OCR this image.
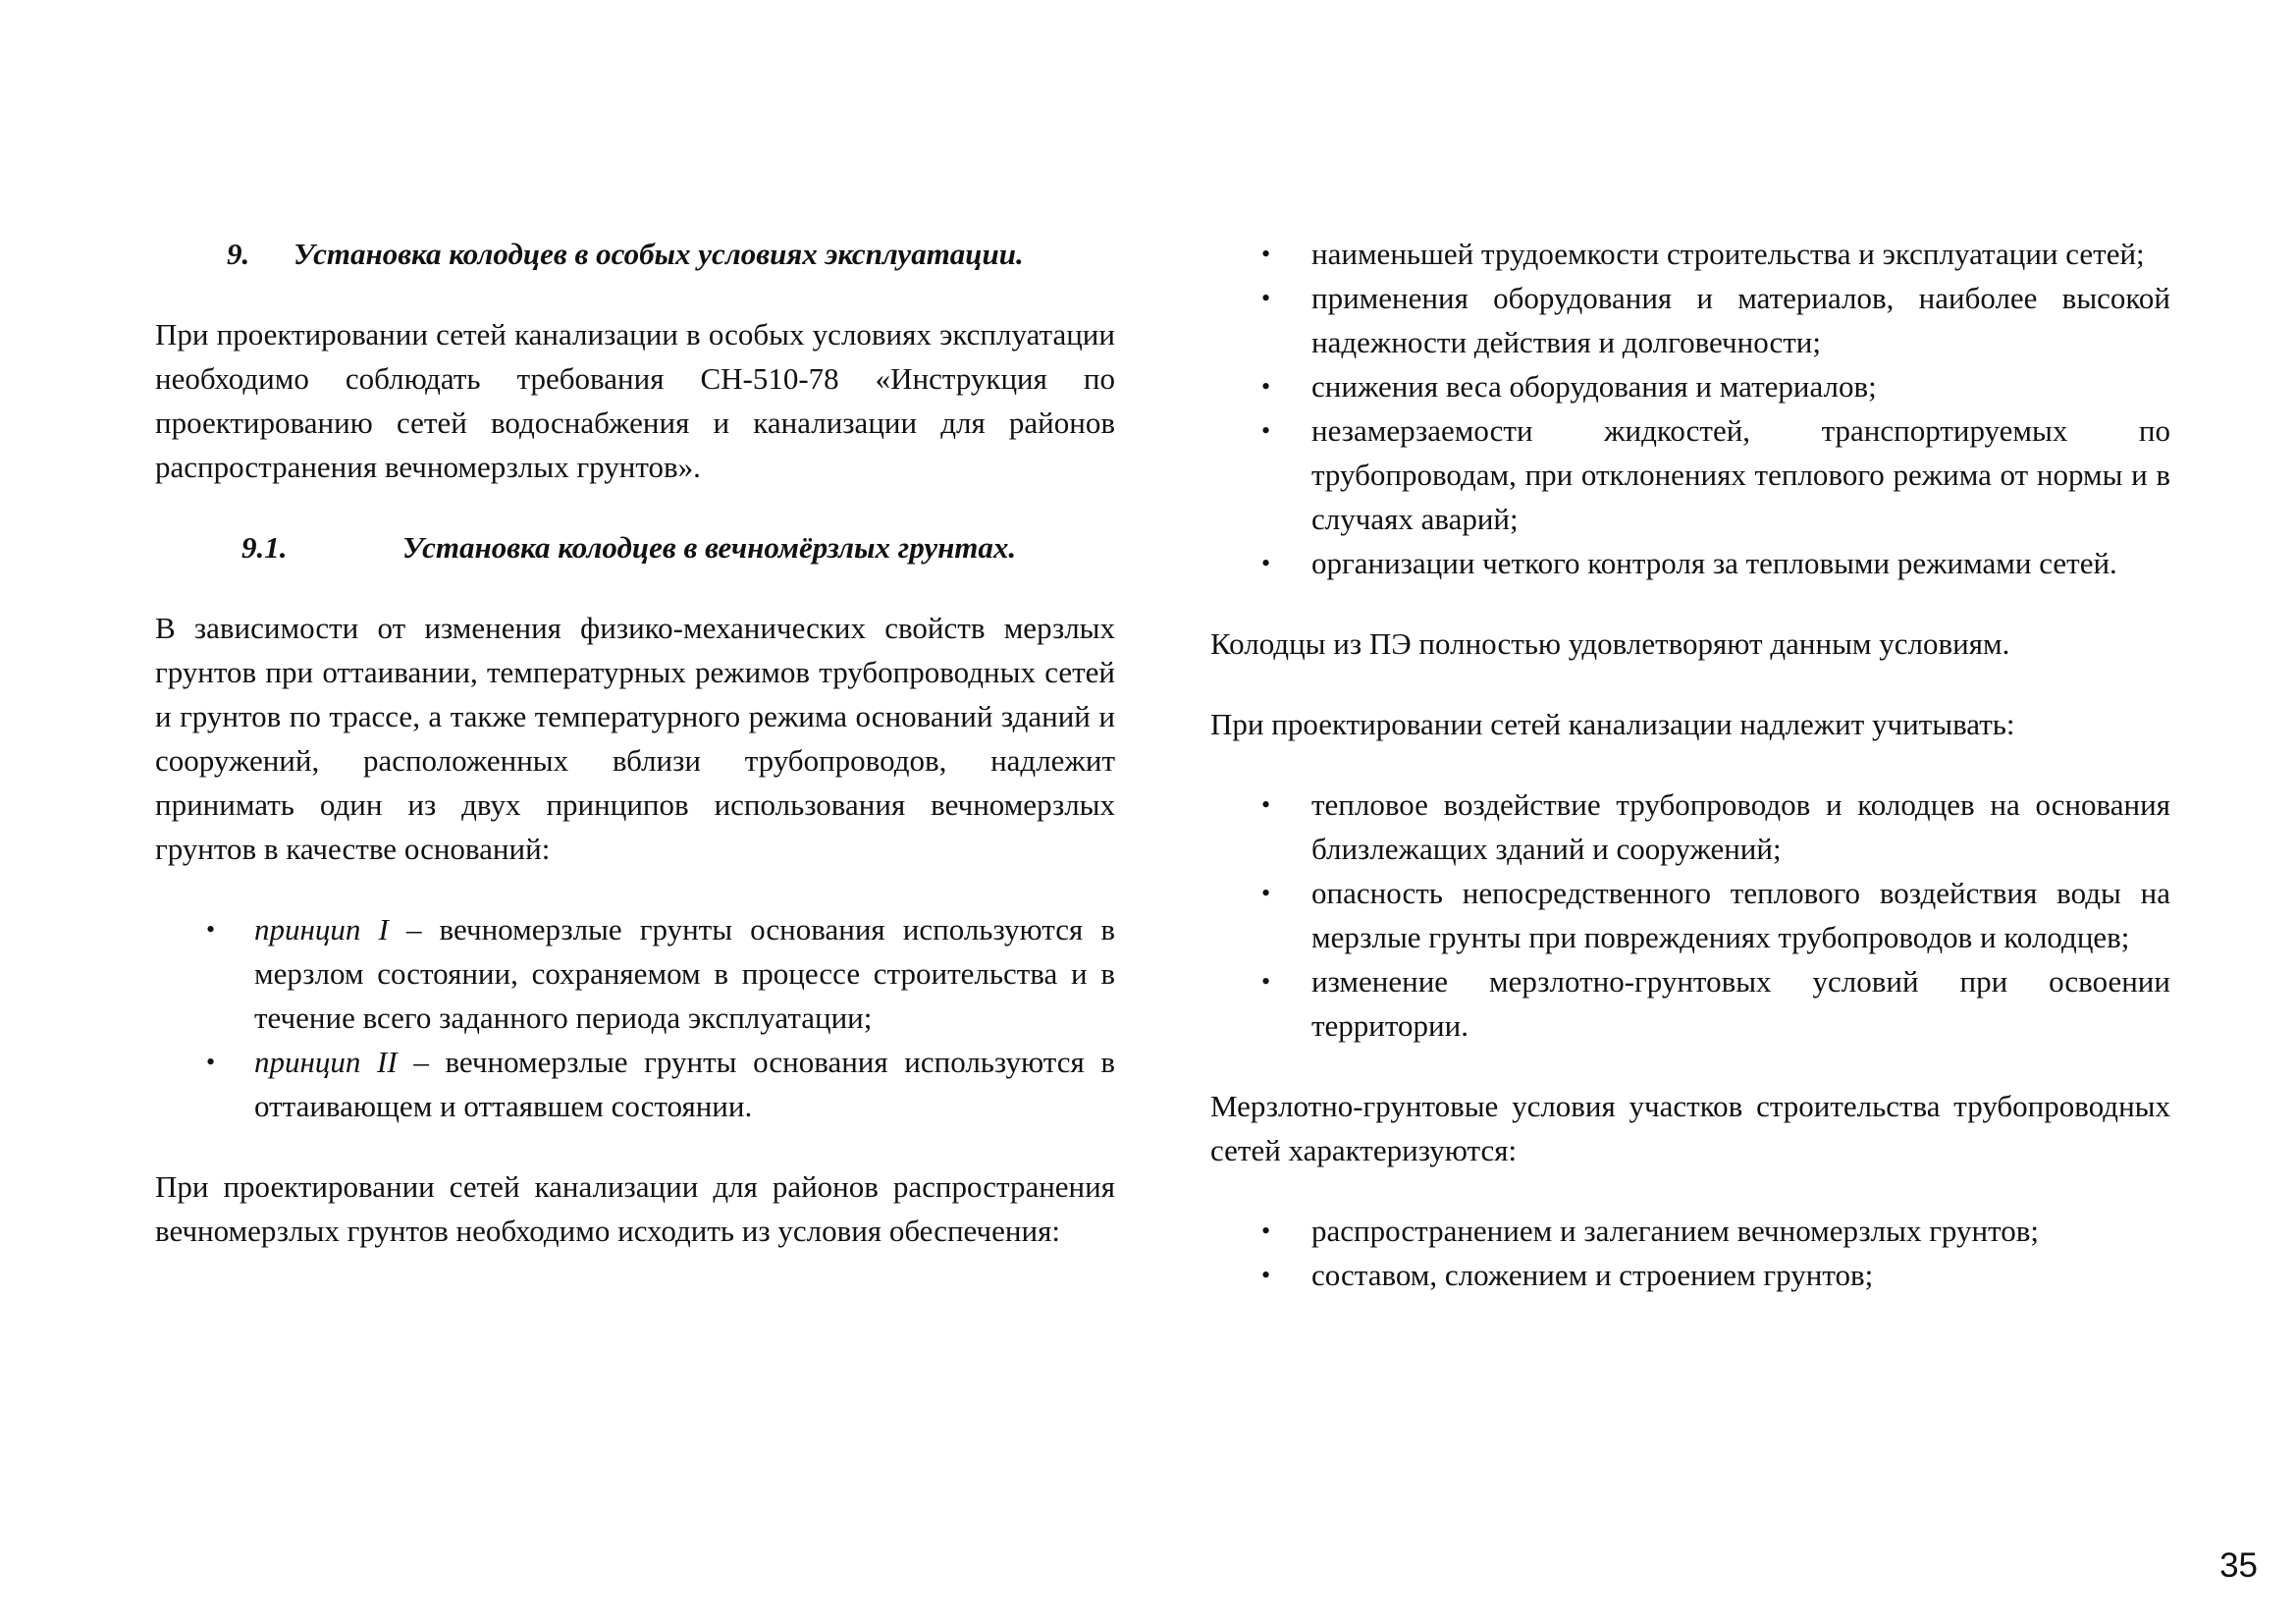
9.	Установка колодцев в особых условиях эксплуатации.

При проектировании сетей канализации в особых условиях эксплуатации необходимо соблюдать требования СН-510-78 «Инструкция по проектированию сетей водоснабжения и канализации для районов распространения вечномерзлых грунтов».

9.1.	Установка колодцев в вечномёрзлых грунтах.

В зависимости от изменения физико-механических свойств мерзлых грунтов при оттаивании, температурных режимов трубопроводных сетей и грунтов по трассе, а также температурного режима оснований зданий и сооружений, расположенных вблизи трубопроводов, надлежит принимать один из двух принципов использования вечномерзлых грунтов в качестве оснований:

• принцип I – вечномерзлые грунты основания используются в мерзлом состоянии, сохраняемом в процессе строительства и в течение всего заданного периода эксплуатации;
• принцип II – вечномерзлые грунты основания используются в оттаивающем и оттаявшем состоянии.

При проектировании сетей канализации для районов распространения вечномерзлых грунтов необходимо исходить из условия обеспечения:

• наименьшей трудоемкости строительства и эксплуатации сетей;
• применения оборудования и материалов, наиболее высокой надежности действия и долговечности;
• снижения веса оборудования и материалов;
• незамерзаемости жидкостей, транспортируемых по трубопроводам, при отклонениях теплового режима от нормы и в случаях аварий;
• организации четкого контроля за тепловыми режимами сетей.

Колодцы из ПЭ полностью удовлетворяют данным условиям.

При проектировании сетей канализации надлежит учитывать:

• тепловое воздействие трубопроводов и колодцев на основания близлежащих зданий и сооружений;
• опасность непосредственного теплового воздействия воды на мерзлые грунты при повреждениях трубопроводов и колодцев;
• изменение мерзлотно-грунтовых условий при освоении территории.

Мерзлотно-грунтовые условия участков строительства трубопроводных сетей характеризуются:

• распространением и залеганием вечномерзлых грунтов;
• составом, сложением и строением грунтов;
35
